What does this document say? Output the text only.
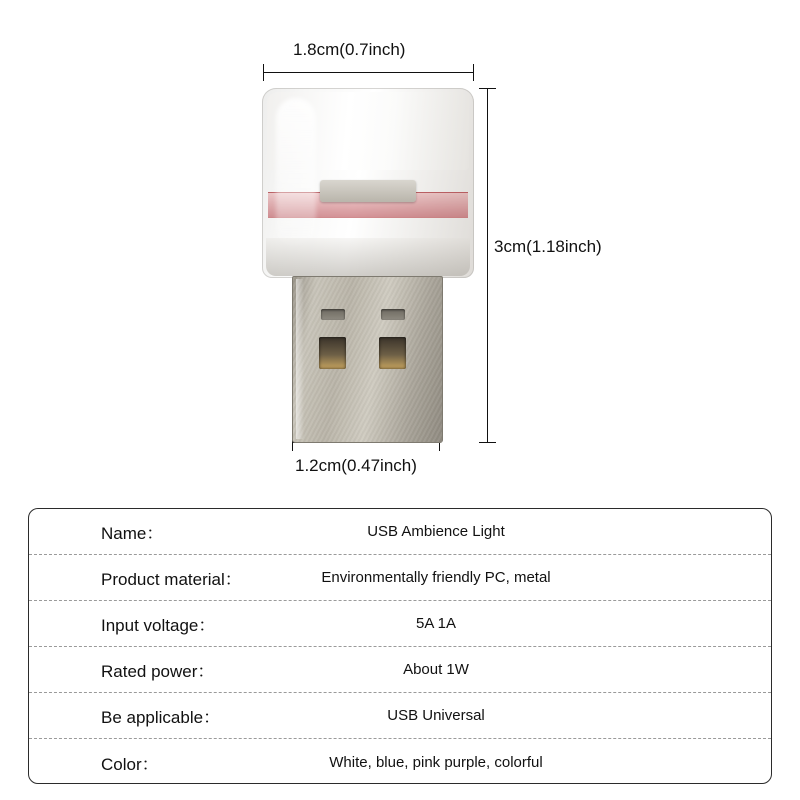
1.8cm(0.7inch)
3cm(1.18inch)
1.2cm(0.47inch)
Name：	USB Ambience Light
Product material：	Environmentally friendly PC, metal
Input voltage：	5A 1A
Rated power：	About 1W
Be applicable：	USB Universal
Color：	White, blue, pink purple, colorful
